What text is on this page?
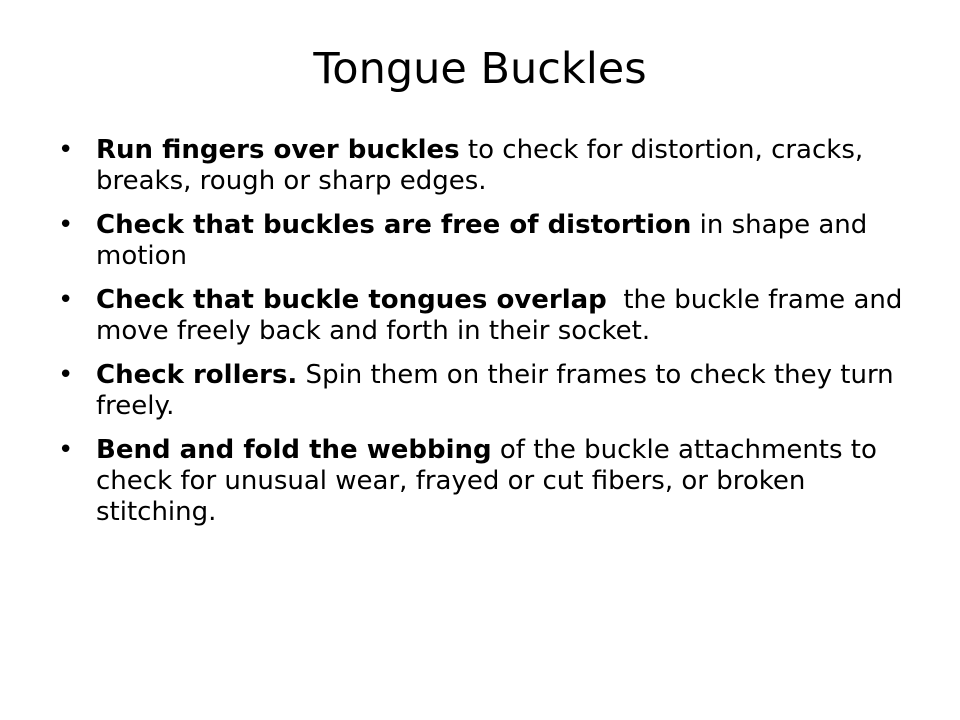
Tongue Buckles
• Run fingers over buckles to check for distortion, cracks, breaks, rough or sharp edges.
• Check that buckles are free of distortion in shape and motion
• Check that buckle tongues overlap  the buckle frame and move freely back and forth in their socket.
• Check rollers. Spin them on their frames to check they turn freely.
• Bend and fold the webbing of the buckle attachments to check for unusual wear, frayed or cut fibers, or broken stitching.
